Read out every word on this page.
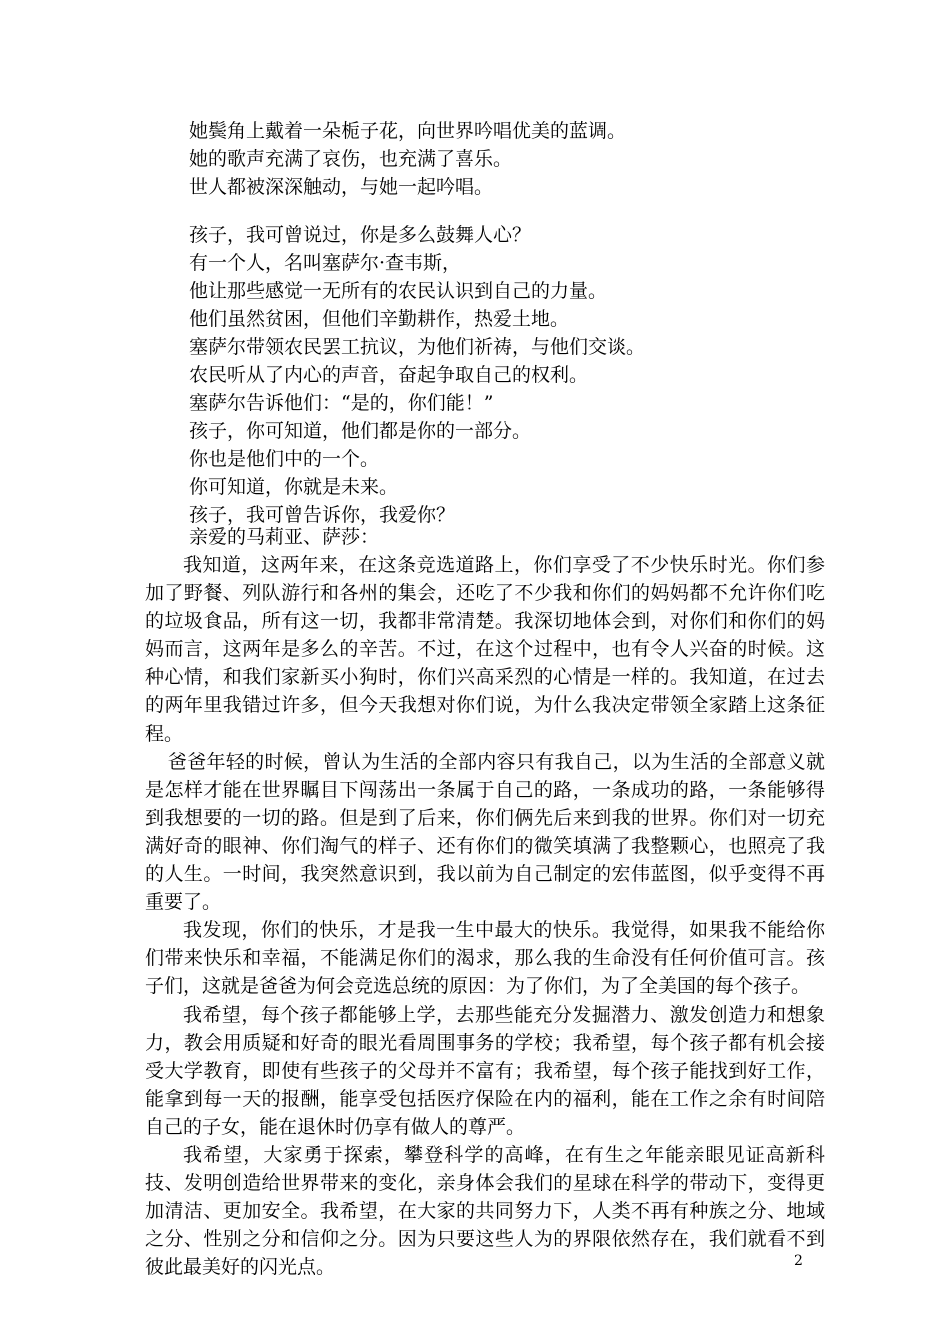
她鬓角上戴着一朵栀子花，向世界吟唱优美的蓝调。
她的歌声充满了哀伤，也充满了喜乐。
世人都被深深触动，与她一起吟唱。
孩子，我可曾说过，你是多么鼓舞人心？
有一个人，名叫塞萨尔·查韦斯，
他让那些感觉一无所有的农民认识到自己的力量。
他们虽然贫困，但他们辛勤耕作，热爱土地。
塞萨尔带领农民罢工抗议，为他们祈祷，与他们交谈。
农民听从了内心的声音，奋起争取自己的权利。
塞萨尔告诉他们：“是的，你们能！”
孩子，你可知道，他们都是你的一部分。
你也是他们中的一个。
你可知道，你就是未来。
孩子，我可曾告诉你，我爱你？
亲爱的马莉亚、萨莎：

我知道，这两年来，在这条竞选道路上，你们享受了不少快乐时光。你们参加了野餐、列队游行和各州的集会，还吃了不少我和你们的妈妈都不允许你们吃的垃圾食品，所有这一切，我都非常清楚。我深切地体会到，对你们和你们的妈妈而言，这两年是多么的辛苦。不过，在这个过程中，也有令人兴奋的时候。这种心情，和我们家新买小狗时，你们兴高采烈的心情是一样的。我知道，在过去的两年里我错过许多，但今天我想对你们说，为什么我决定带领全家踏上这条征程。

爸爸年轻的时候，曾认为生活的全部内容只有我自己，以为生活的全部意义就是怎样才能在世界瞩目下闯荡出一条属于自己的路，一条成功的路，一条能够得到我想要的一切的路。但是到了后来，你们俩先后来到我的世界。你们对一切充满好奇的眼神、你们淘气的样子、还有你们的微笑填满了我整颗心，也照亮了我的人生。一时间，我突然意识到，我以前为自己制定的宏伟蓝图，似乎变得不再重要了。

我发现，你们的快乐，才是我一生中最大的快乐。我觉得，如果我不能给你们带来快乐和幸福，不能满足你们的渴求，那么我的生命没有任何价值可言。孩子们，这就是爸爸为何会竞选总统的原因：为了你们，为了全美国的每个孩子。

我希望，每个孩子都能够上学，去那些能充分发掘潜力、激发创造力和想象力，教会用质疑和好奇的眼光看周围事务的学校；我希望，每个孩子都有机会接受大学教育，即使有些孩子的父母并不富有；我希望，每个孩子能找到好工作，能拿到每一天的报酬，能享受包括医疗保险在内的福利，能在工作之余有时间陪自己的子女，能在退休时仍享有做人的尊严。

我希望，大家勇于探索，攀登科学的高峰，在有生之年能亲眼见证高新科技、发明创造给世界带来的变化，亲身体会我们的星球在科学的带动下，变得更加清洁、更加安全。我希望，在大家的共同努力下，人类不再有种族之分、地域之分、性别之分和信仰之分。因为只要这些人为的界限依然存在，我们就看不到彼此最美好的闪光点。	2
